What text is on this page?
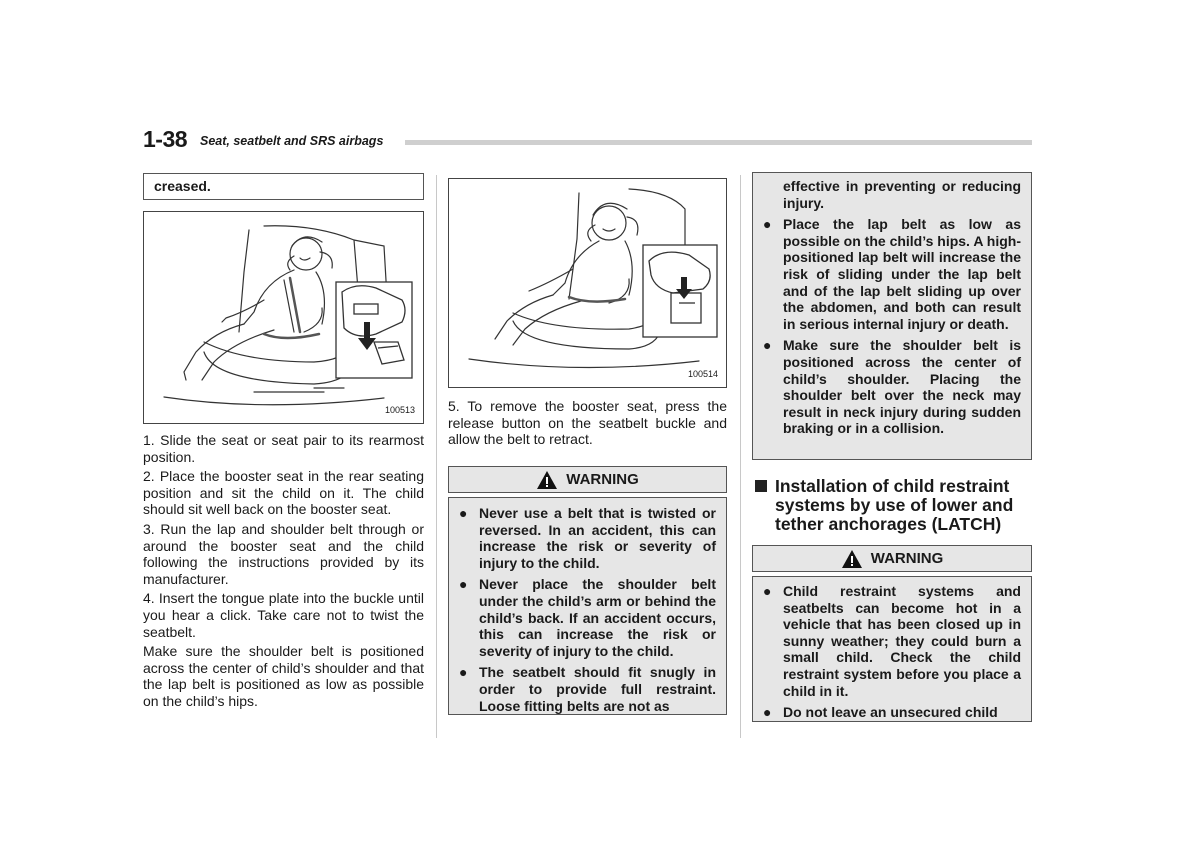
1-38 Seat, seatbelt and SRS airbags
creased.
100513

1. Slide the seat or seat pair to its rearmost position.

2. Place the booster seat in the rear seating position and sit the child on it. The child should sit well back on the booster seat.

3. Run the lap and shoulder belt through or around the booster seat and the child following the instructions provided by its manufacturer.

4. Insert the tongue plate into the buckle until you hear a click. Take care not to twist the seatbelt.

Make sure the shoulder belt is positioned across the center of child’s shoulder and that the lap belt is positioned as low as possible on the child’s hips.

100514

5. To remove the booster seat, press the release button on the seatbelt buckle and allow the belt to retract.

WARNING
● Never use a belt that is twisted or reversed. In an accident, this can increase the risk or severity of injury to the child.
● Never place the shoulder belt under the child’s arm or behind the child’s back. If an accident occurs, this can increase the risk or severity of injury to the child.
● The seatbelt should fit snugly in order to provide full restraint. Loose fitting belts are not as

effective in preventing or reducing injury.

● Place the lap belt as low as possible on the child’s hips. A high-positioned lap belt will increase the risk of sliding under the lap belt and of the lap belt sliding up over the abdomen, and both can result in serious internal injury or death.
● Make sure the shoulder belt is positioned across the center of child’s shoulder. Placing the shoulder belt over the neck may result in neck injury during sudden braking or in a collision.
Installation of child restraint systems by use of lower and tether anchorages (LATCH)
WARNING
● Child restraint systems and seatbelts can become hot in a vehicle that has been closed up in sunny weather; they could burn a small child. Check the child restraint system before you place a child in it.
● Do not leave an unsecured child
